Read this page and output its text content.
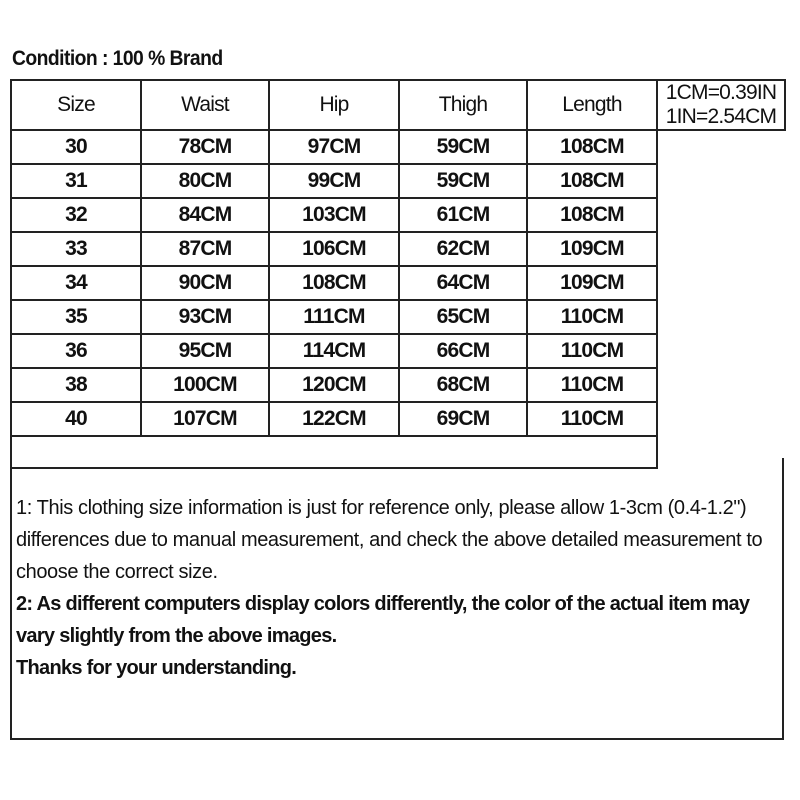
Condition : 100 % Brand
Size	Waist	Hip	Thigh	Length	1CM=0.39IN
1IN=2.54CM

30	78CM	97CM	59CM	108CM	
31	80CM	99CM	59CM	108CM	
32	84CM	103CM	61CM	108CM	
33	87CM	106CM	62CM	109CM	
34	90CM	108CM	64CM	109CM	
35	93CM	111CM	65CM	110CM	
36	95CM	114CM	66CM	110CM	
38	100CM	120CM	68CM	110CM	
40	107CM	122CM	69CM	110CM	

1: This clothing size information is just for reference only, please allow 1-3cm (0.4-1.2") differences due to manual measurement, and check the above detailed measurement to choose the correct size.

2: As different computers display colors differently, the color of the actual item may vary slightly from the above images.

Thanks for your understanding.
